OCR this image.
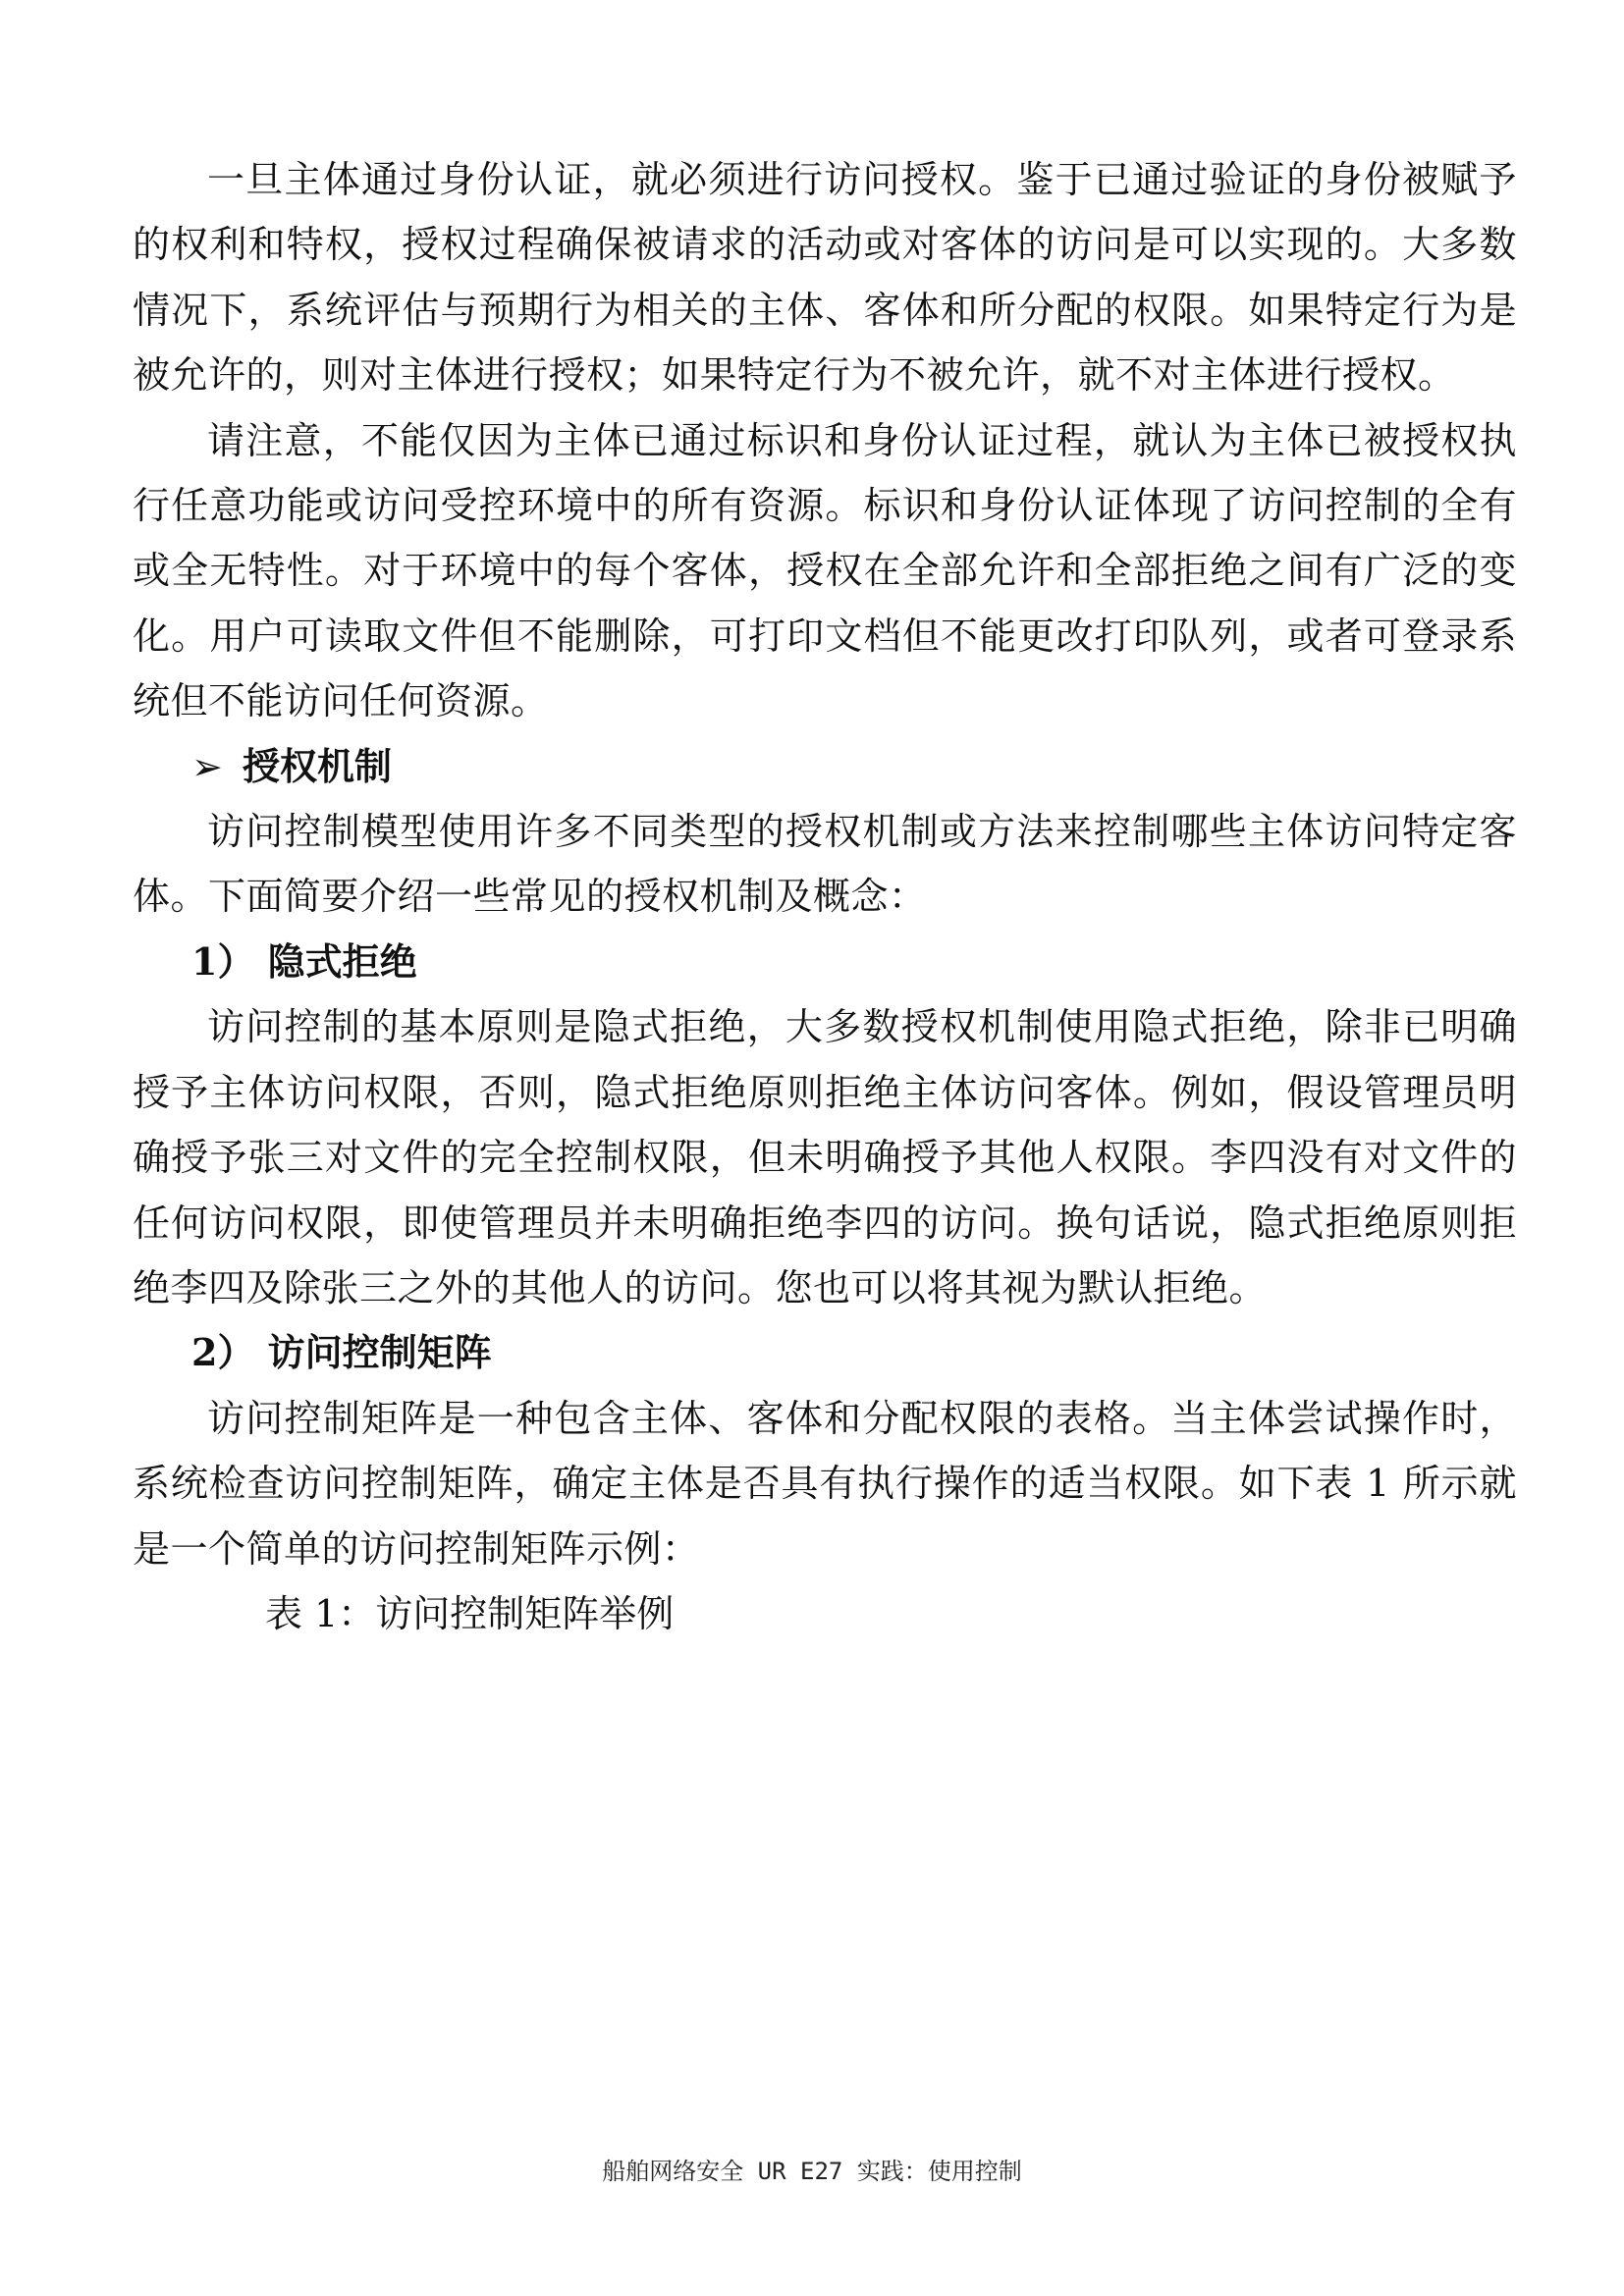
一旦主体通过身份认证，就必须进行访问授权。鉴于已通过验证的身份被赋予的权利和特权，授权过程确保被请求的活动或对客体的访问是可以实现的。大多数情况下，系统评估与预期行为相关的主体、客体和所分配的权限。如果特定行为是被允许的，则对主体进行授权；如果特定行为不被允许，就不对主体进行授权。

请注意，不能仅因为主体已通过标识和身份认证过程，就认为主体已被授权执行任意功能或访问受控环境中的所有资源。标识和身份认证体现了访问控制的全有或全无特性。对于环境中的每个客体，授权在全部允许和全部拒绝之间有广泛的变化。用户可读取文件但不能删除，可打印文档但不能更改打印队列，或者可登录系统但不能访问任何资源。

➢ 授权机制

访问控制模型使用许多不同类型的授权机制或方法来控制哪些主体访问特定客体。下面简要介绍一些常见的授权机制及概念：

1） 隐式拒绝

访问控制的基本原则是隐式拒绝，大多数授权机制使用隐式拒绝，除非已明确授予主体访问权限，否则，隐式拒绝原则拒绝主体访问客体。例如，假设管理员明确授予张三对文件的完全控制权限，但未明确授予其他人权限。李四没有对文件的任何访问权限，即使管理员并未明确拒绝李四的访问。换句话说，隐式拒绝原则拒绝李四及除张三之外的其他人的访问。您也可以将其视为默认拒绝。

2） 访问控制矩阵

访问控制矩阵是一种包含主体、客体和分配权限的表格。当主体尝试操作时，系统检查访问控制矩阵，确定主体是否具有执行操作的适当权限。如下表 1 所示就是一个简单的访问控制矩阵示例：

表 1：访问控制矩阵举例

船舶网络安全 UR E27 实践：使用控制
